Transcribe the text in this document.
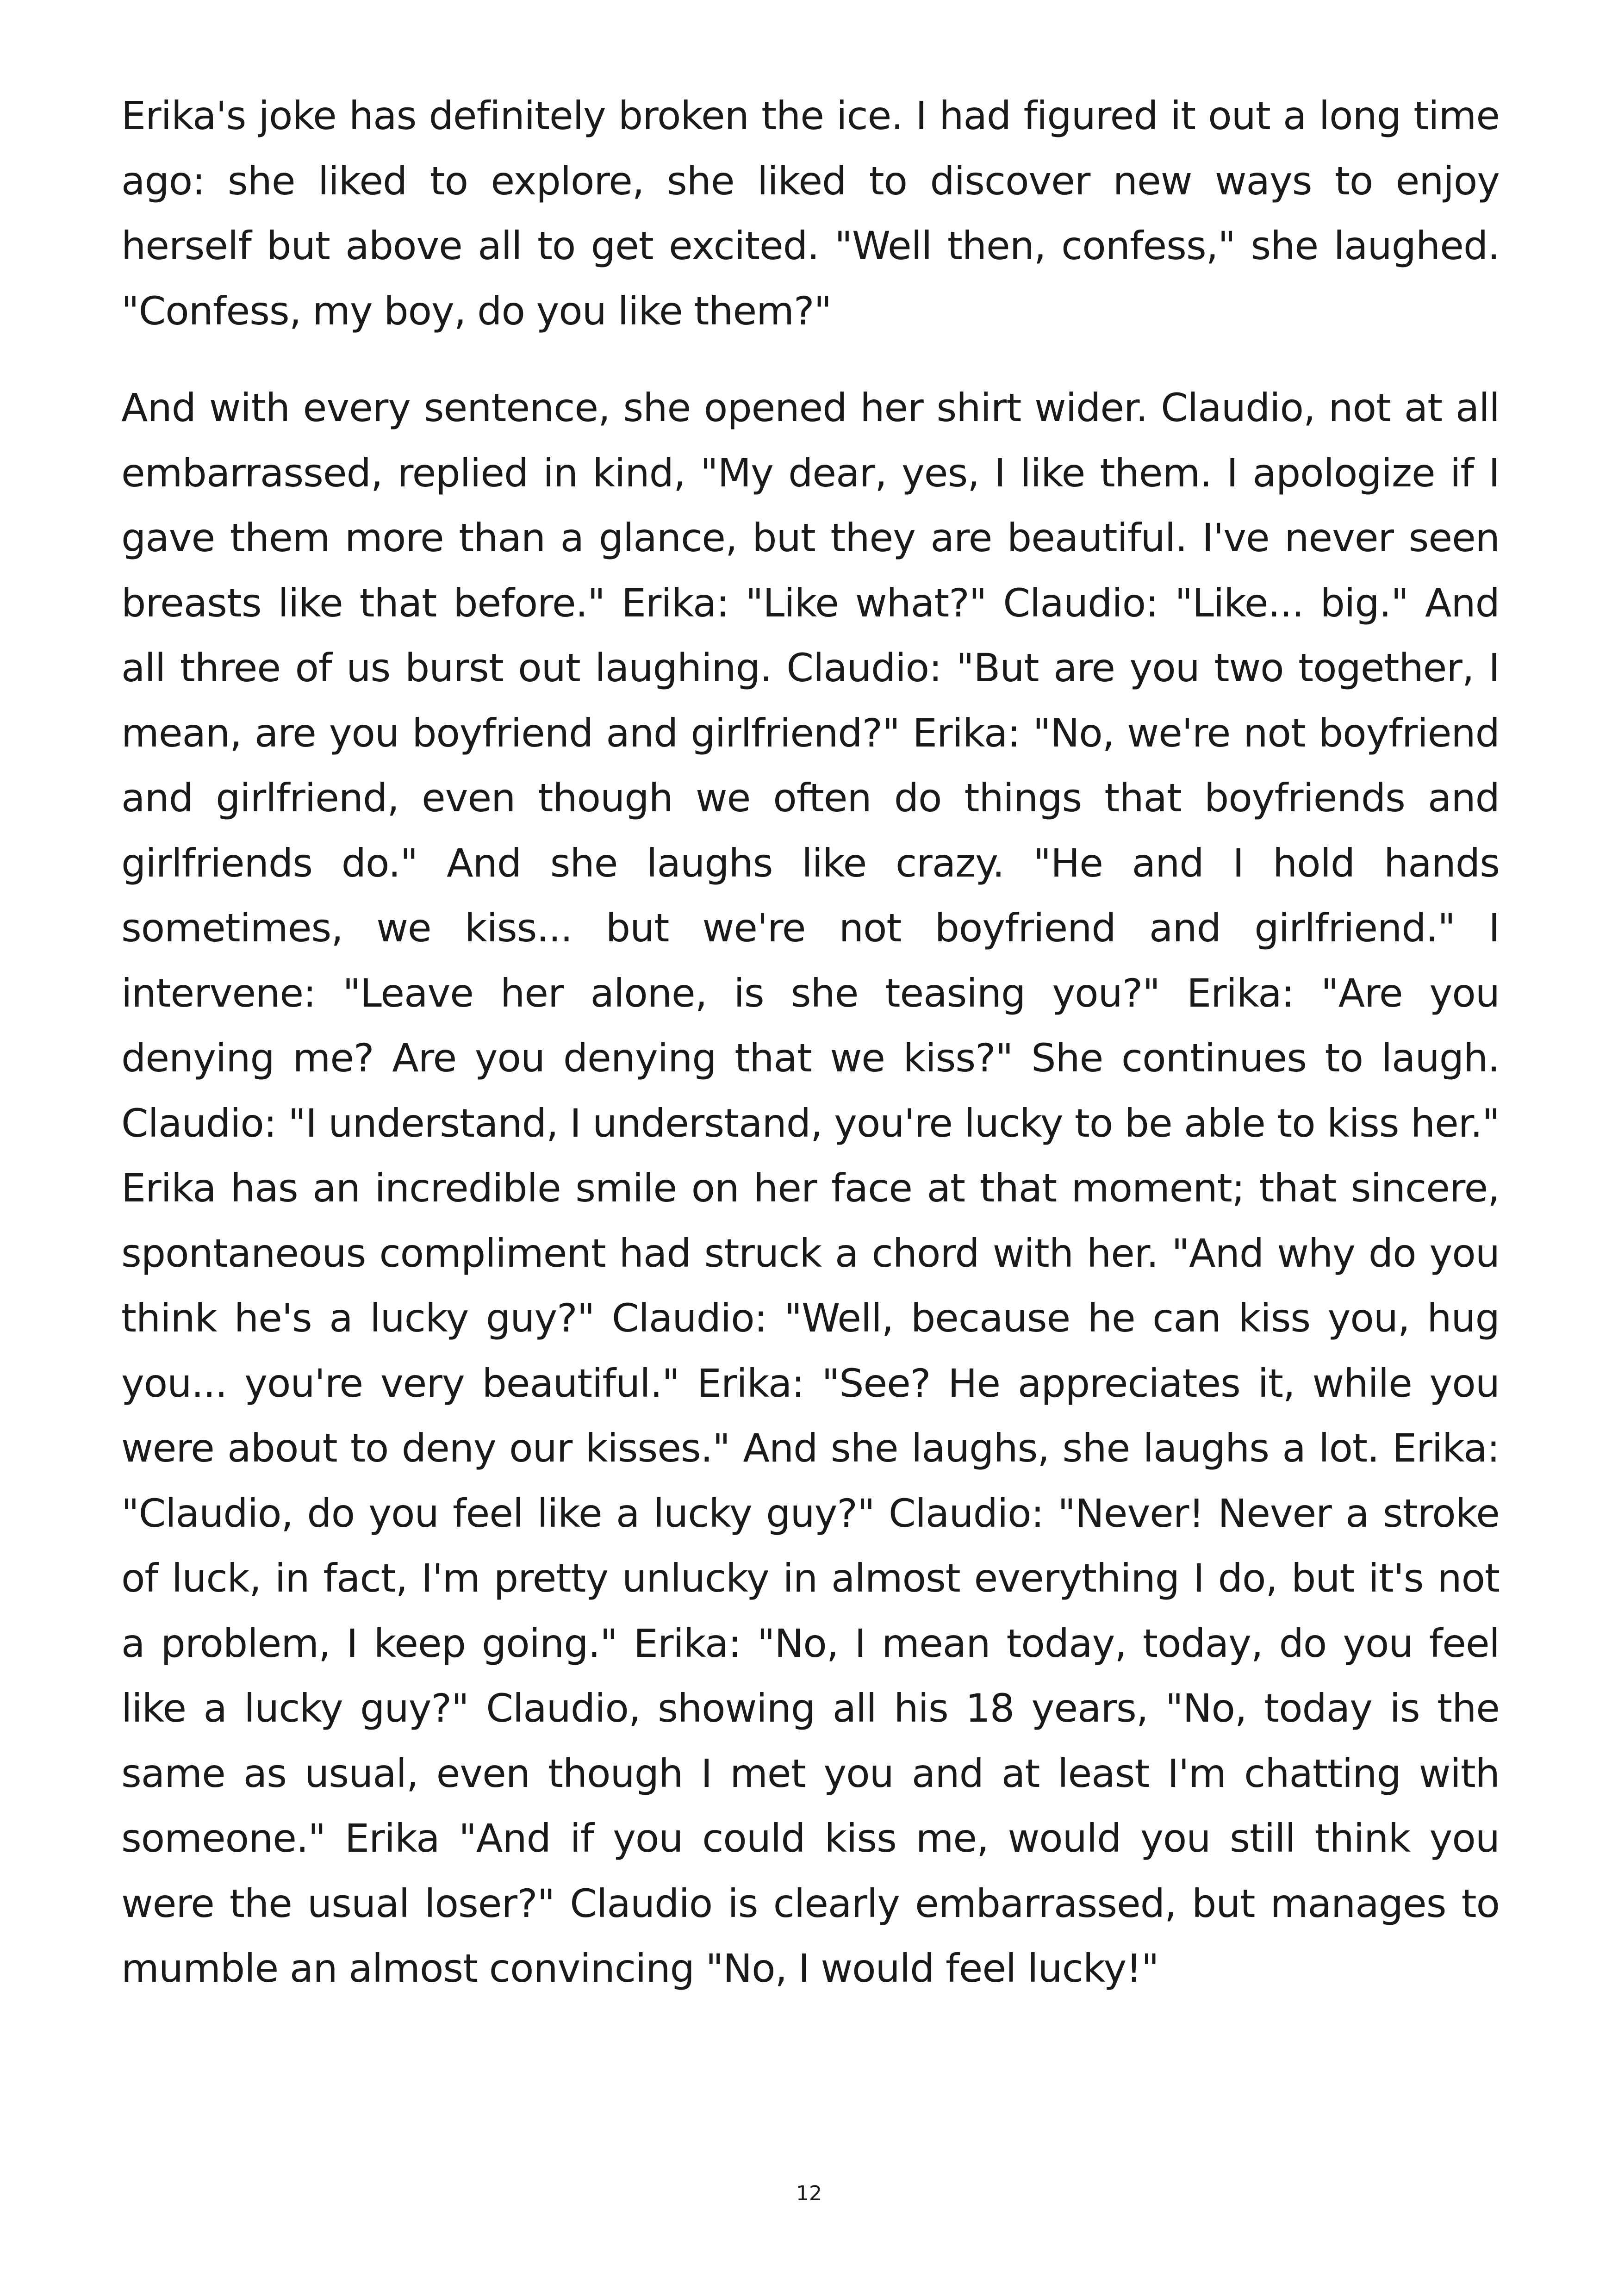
Erika's joke has definitely broken the ice. I had figured it out a long time ago: she liked to explore, she liked to discover new ways to enjoy herself but above all to get excited. "Well then, confess," she laughed. "Confess, my boy, do you like them?"

And with every sentence, she opened her shirt wider. Claudio, not at all embarrassed, replied in kind, "My dear, yes, I like them. I apologize if I gave them more than a glance, but they are beautiful. I've never seen breasts like that before." Erika: "Like what?" Claudio: "Like... big." And all three of us burst out laughing. Claudio: "But are you two together, I mean, are you boyfriend and girlfriend?" Erika: "No, we're not boyfriend and girlfriend, even though we often do things that boyfriends and girlfriends do." And she laughs like crazy. "He and I hold hands sometimes, we kiss... but we're not boyfriend and girlfriend." I intervene: "Leave her alone, is she teasing you?" Erika: "Are you denying me? Are you denying that we kiss?" She continues to laugh. Claudio: "I understand, I understand, you're lucky to be able to kiss her." Erika has an incredible smile on her face at that moment; that sincere, spontaneous compliment had struck a chord with her. "And why do you think he's a lucky guy?" Claudio: "Well, because he can kiss you, hug you... you're very beautiful." Erika: "See? He appreciates it, while you were about to deny our kisses." And she laughs, she laughs a lot. Erika: "Claudio, do you feel like a lucky guy?" Claudio: "Never! Never a stroke of luck, in fact, I'm pretty unlucky in almost everything I do, but it's not a problem, I keep going." Erika: "No, I mean today, today, do you feel like a lucky guy?" Claudio, showing all his 18 years, "No, today is the same as usual, even though I met you and at least I'm chatting with someone." Erika "And if you could kiss me, would you still think you were the usual loser?" Claudio is clearly embarrassed, but manages to mumble an almost convincing "No, I would feel lucky!"

12
